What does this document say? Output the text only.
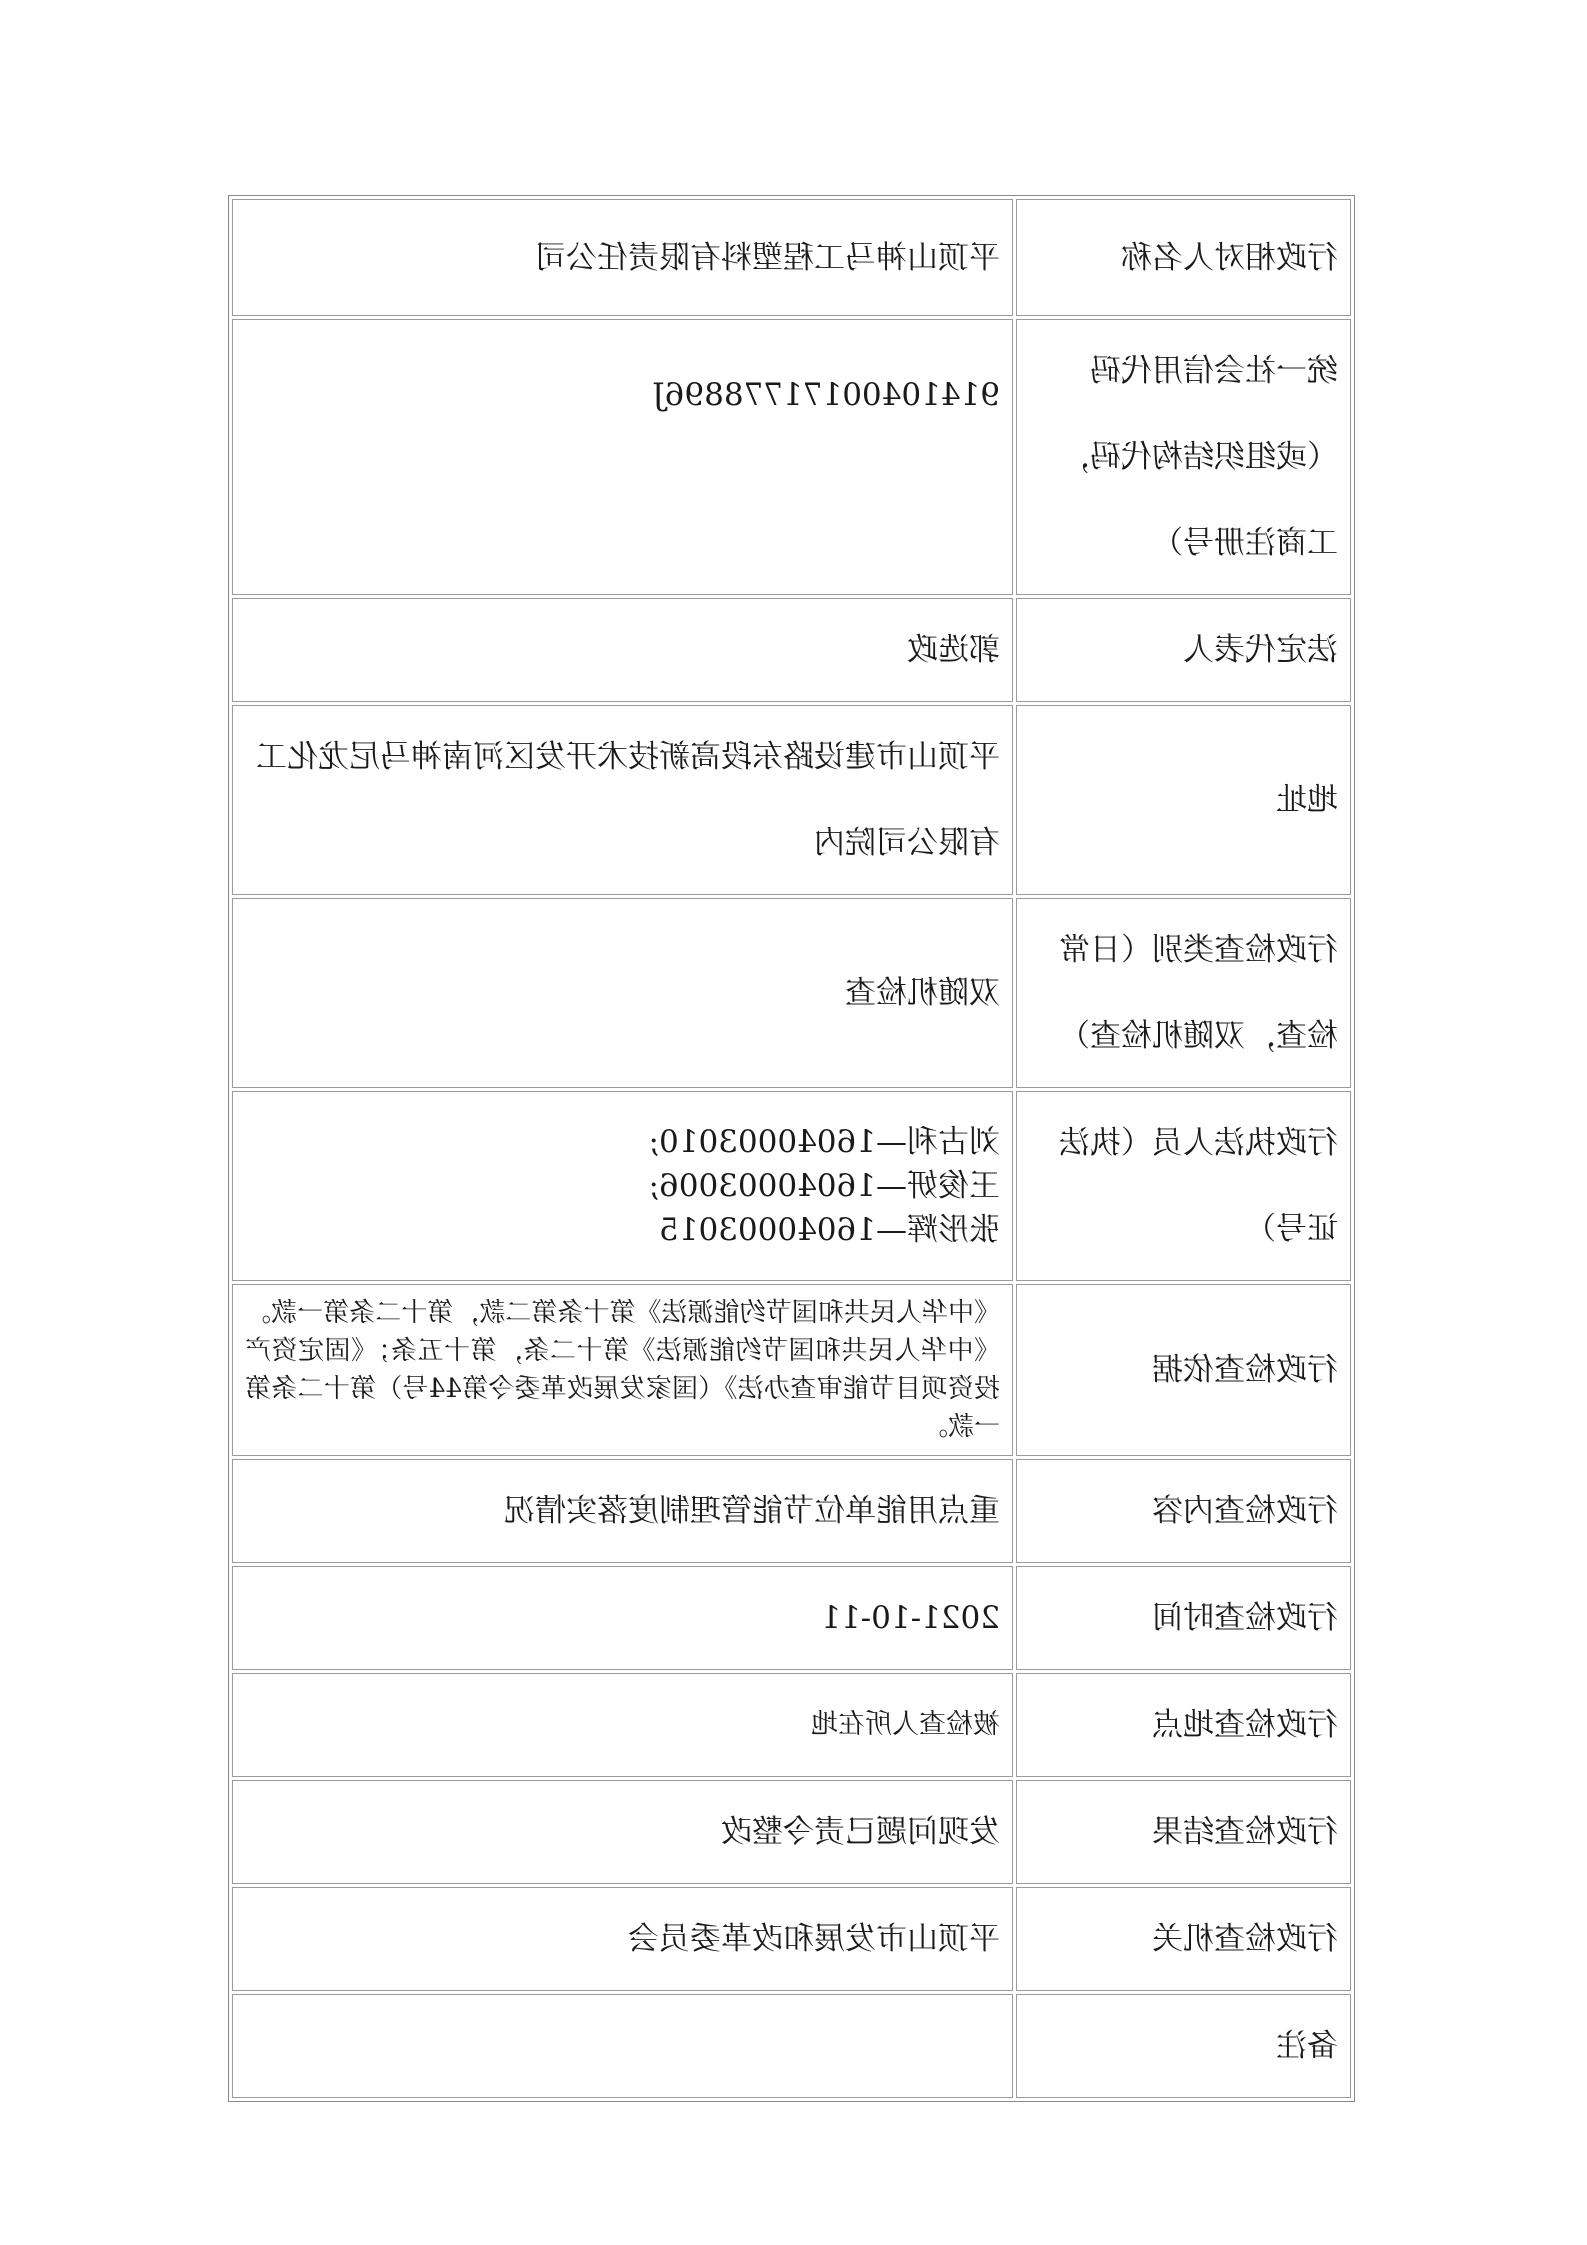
行政相对人名称	平顶山神马工程塑料有限责任公司
统一社会信用代码（或组织结构代码，工商注册号）	91410400171778896J
法定代表人	郭选政
地址	平顶山市建设路东段高新技术开发区河南神马尼龙化工有限公司院内
行政检查类别（日常检查，双随机检查）	双随机检查
行政执法人员（执法证号）	刘古利—16040003010;
王俊妍—16040003006;
张彤辉—16040003015

行政检查依据	《中华人民共和国节约能源法》第十条第二款，第十二条第一款。《中华人民共和国节约能源法》第十二条，第十五条；《固定资产投资项目节能审查办法》（国家发展改革委令第44号）第十二条第一款。
行政检查内容	重点用能单位节能管理制度落实情况
行政检查时间	2021-10-11
行政检查地点	被检查人所在地
行政检查结果	发现问题已责令整改
行政检查机关	平顶山市发展和改革委员会
备注	
